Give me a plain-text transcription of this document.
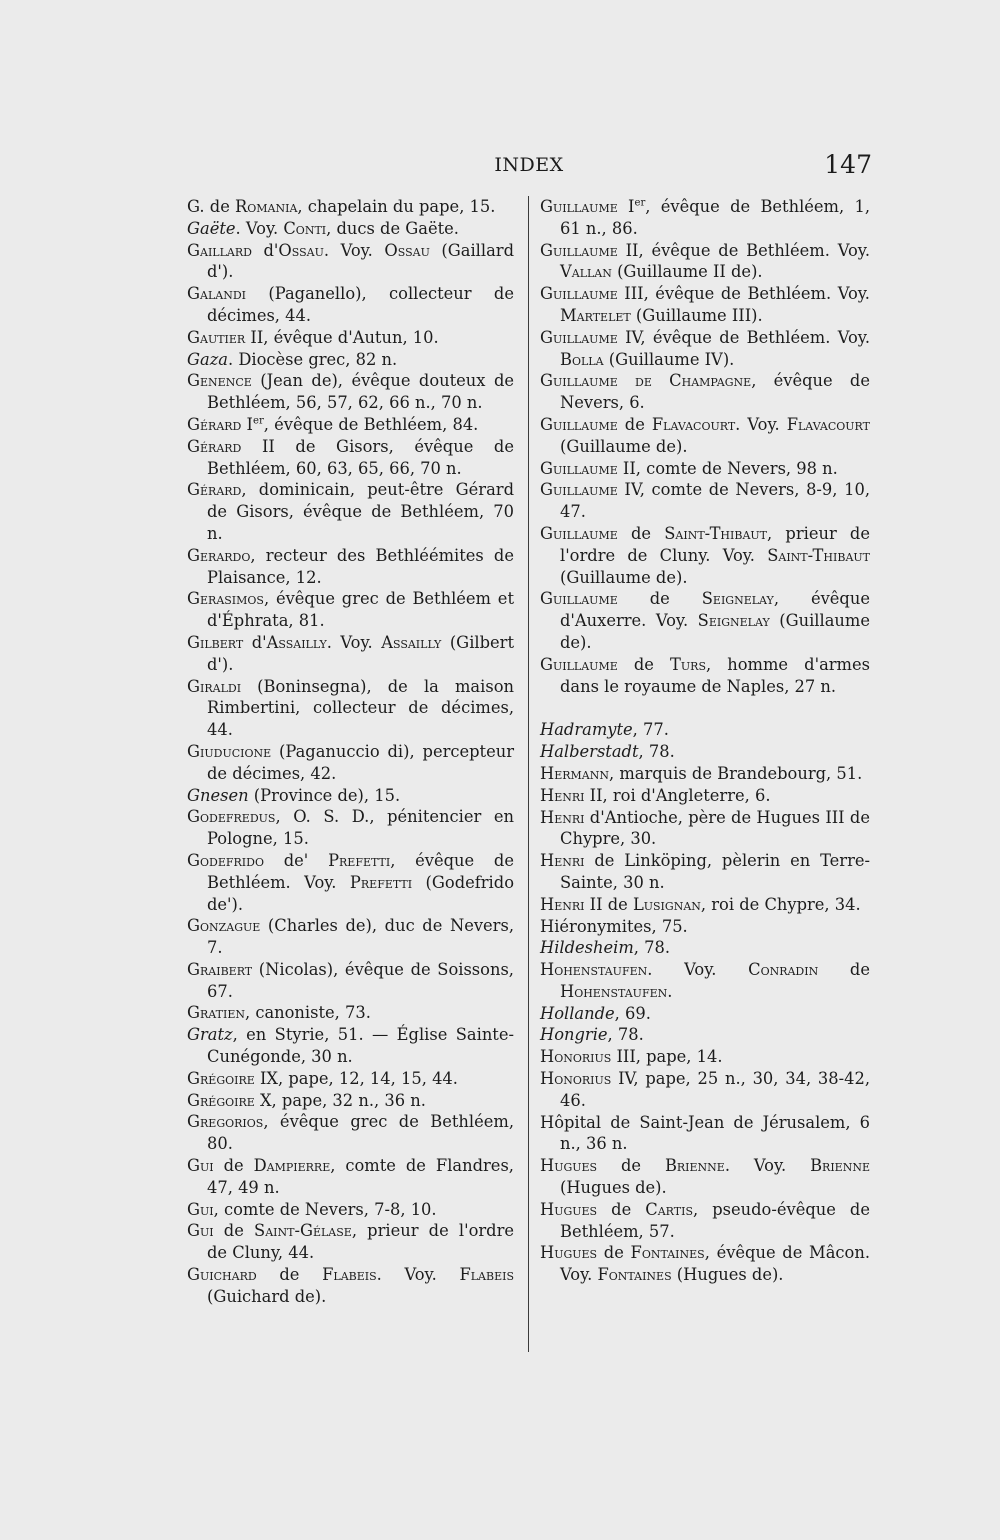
INDEX	147
G. de Romania, chapelain du pape, 15.
Gaëte. Voy. Conti, ducs de Gaëte.
Gaillard d'Ossau. Voy. Ossau (Gaillard d').
Galandi (Paganello), collecteur de décimes, 44.
Gautier II, évêque d'Autun, 10.
Gaza. Diocèse grec, 82 n.
Genence (Jean de), évêque douteux de Bethléem, 56, 57, 62, 66 n., 70 n.
Gérard Ier, évêque de Bethléem, 84.
Gérard II de Gisors, évêque de Bethléem, 60, 63, 65, 66, 70 n.
Gérard, dominicain, peut-être Gérard de Gisors, évêque de Bethléem, 70 n.
Gerardo, recteur des Bethléémites de Plaisance, 12.
Gerasimos, évêque grec de Bethléem et d'Éphrata, 81.
Gilbert d'Assailly. Voy. Assailly (Gilbert d').
Giraldi (Boninsegna), de la maison Rimbertini, collecteur de décimes, 44.
Giuducione (Paganuccio di), percepteur de décimes, 42.
Gnesen (Province de), 15.
Godefredus, O. S. D., pénitencier en Pologne, 15.
Godefrido de' Prefetti, évêque de Bethléem. Voy. Prefetti (Godefrido de').
Gonzague (Charles de), duc de Nevers, 7.
Graibert (Nicolas), évêque de Soissons, 67.
Gratien, canoniste, 73.
Gratz, en Styrie, 51. — Église Sainte-Cunégonde, 30 n.
Grégoire IX, pape, 12, 14, 15, 44.
Grégoire X, pape, 32 n., 36 n.
Gregorios, évêque grec de Bethléem, 80.
Gui de Dampierre, comte de Flandres, 47, 49 n.
Gui, comte de Nevers, 7-8, 10.
Gui de Saint-Gélase, prieur de l'ordre de Cluny, 44.
Guichard de Flabeis. Voy. Flabeis (Guichard de).
Guillaume Ier, évêque de Bethléem, 1, 61 n., 86.
Guillaume II, évêque de Bethléem. Voy. Vallan (Guillaume II de).
Guillaume III, évêque de Bethléem. Voy. Martelet (Guillaume III).
Guillaume IV, évêque de Bethléem. Voy. Bolla (Guillaume IV).
Guillaume de Champagne, évêque de Nevers, 6.
Guillaume de Flavacourt. Voy. Flavacourt (Guillaume de).
Guillaume II, comte de Nevers, 98 n.
Guillaume IV, comte de Nevers, 8-9, 10, 47.
Guillaume de Saint-Thibaut, prieur de l'ordre de Cluny. Voy. Saint-Thibaut (Guillaume de).
Guillaume de Seignelay, évêque d'Auxerre. Voy. Seignelay (Guillaume de).
Guillaume de Turs, homme d'armes dans le royaume de Naples, 27 n.
Hadramyte, 77.
Halberstadt, 78.
Hermann, marquis de Brandebourg, 51.
Henri II, roi d'Angleterre, 6.
Henri d'Antioche, père de Hugues III de Chypre, 30.
Henri de Linköping, pèlerin en Terre-Sainte, 30 n.
Henri II de Lusignan, roi de Chypre, 34.
Hiéronymites, 75.
Hildesheim, 78.
Hohenstaufen. Voy. Conradin de Hohenstaufen.
Hollande, 69.
Hongrie, 78.
Honorius III, pape, 14.
Honorius IV, pape, 25 n., 30, 34, 38-42, 46.
Hôpital de Saint-Jean de Jérusalem, 6 n., 36 n.
Hugues de Brienne. Voy. Brienne (Hugues de).
Hugues de Cartis, pseudo-évêque de Bethléem, 57.
Hugues de Fontaines, évêque de Mâcon. Voy. Fontaines (Hugues de).
